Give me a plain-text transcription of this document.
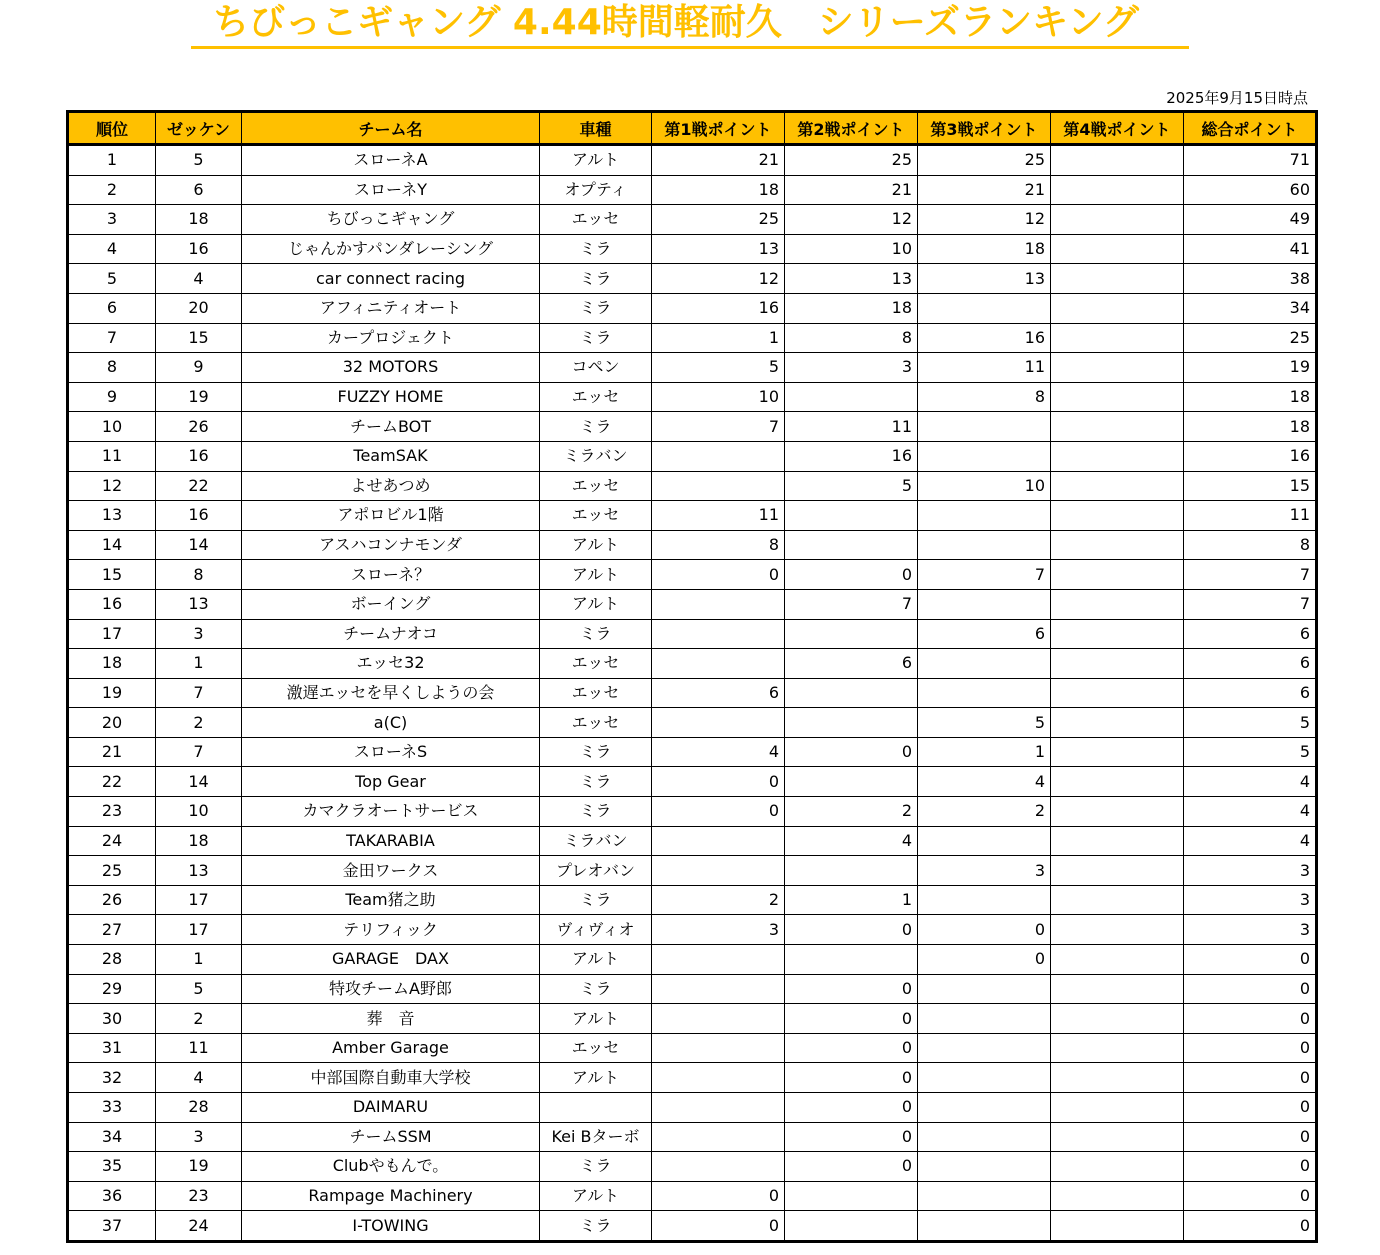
ちびっこギャング 4.44時間軽耐久　シリーズランキング
2025年9月15日時点
順位	ゼッケン	チーム名	車種	第1戦ポイント	第2戦ポイント	第3戦ポイント	第4戦ポイント	総合ポイント
1	5	スローネA	アルト	21	25	25		71
2	6	スローネY	オプティ	18	21	21		60
3	18	ちびっこギャング	エッセ	25	12	12		49
4	16	じゃんかすパンダレーシング	ミラ	13	10	18		41
5	4	car connect racing	ミラ	12	13	13		38
6	20	アフィニティオート	ミラ	16	18			34
7	15	カープロジェクト	ミラ	1	8	16		25
8	9	32 MOTORS	コペン	5	3	11		19
9	19	FUZZY HOME	エッセ	10		8		18
10	26	チームBOT	ミラ	7	11			18
11	16	TeamSAK	ミラバン		16			16
12	22	よせあつめ	エッセ		5	10		15
13	16	アポロビル1階	エッセ	11				11
14	14	アスハコンナモンダ	アルト	8				8
15	8	スローネ？	アルト	0	0	7		7
16	13	ボーイング	アルト		7			7
17	3	チームナオコ	ミラ			6		6
18	1	エッセ32	エッセ		6			6
19	7	激遅エッセを早くしようの会	エッセ	6				6
20	2	a(C)	エッセ			5		5
21	7	スローネS	ミラ	4	0	1		5
22	14	Top Gear	ミラ	0		4		4
23	10	カマクラオートサービス	ミラ	0	2	2		4
24	18	TAKARABIA	ミラバン		4			4
25	13	金田ワークス	プレオバン			3		3
26	17	Team猪之助	ミラ	2	1			3
27	17	テリフィック	ヴィヴィオ	3	0	0		3
28	1	GARAGE　DAX	アルト			0		0
29	5	特攻チームA野郎	ミラ		0			0
30	2	葬　音	アルト		0			0
31	11	Amber Garage	エッセ		0			0
32	4	中部国際自動車大学校	アルト		0			0
33	28	DAIMARU			0			0
34	3	チームSSM	Kei Bターボ		0			0
35	19	Clubやもんで。	ミラ		0			0
36	23	Rampage Machinery	アルト	0				0
37	24	I-TOWING	ミラ	0				0
